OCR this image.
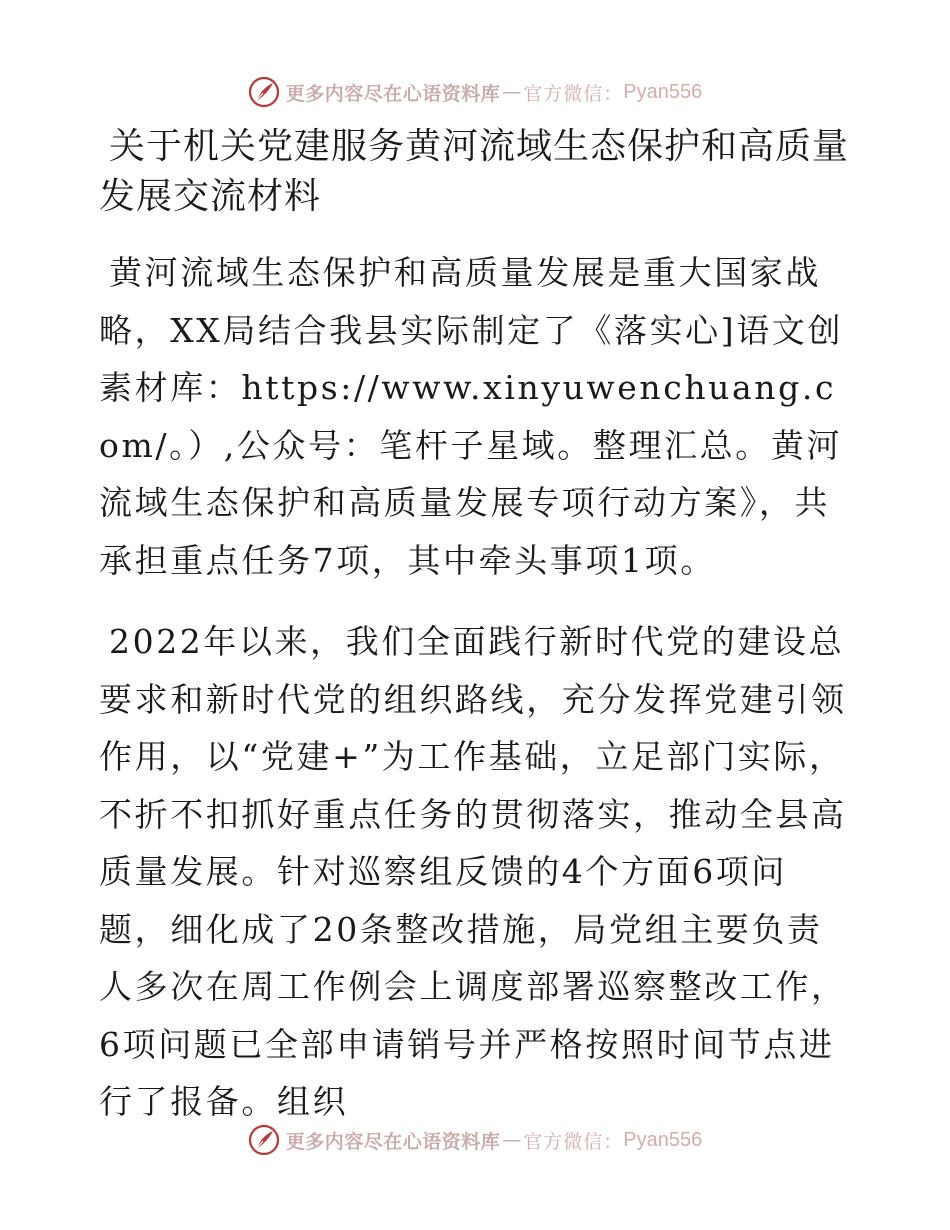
更多内容尽在心语资料库 — 官方微信： Pyan556
关于机关党建服务黄河流域生态保护和高质量发展交流材料

黄河流域生态保护和高质量发展是重大国家战略，XX局结合我县实际制定了《落实心]语文创素材库：https://www.xinyuwenchuang.com/。）,公众号：笔杆子星域。整理汇总。黄河流域生态保护和高质量发展专项行动方案》，共承担重点任务7项，其中牵头事项1项。

2022年以来，我们全面践行新时代党的建设总要求和新时代党的组织路线，充分发挥党建引领作用，以“党建+”为工作基础，立足部门实际，不折不扣抓好重点任务的贯彻落实，推动全县高质量发展。针对巡察组反馈的4个方面6项问题，细化成了20条整改措施，局党组主要负责人多次在周工作例会上调度部署巡察整改工作，6项问题已全部申请销号并严格按照时间节点进行了报备。组织

更多内容尽在心语资料库 — 官方微信： Pyan556
